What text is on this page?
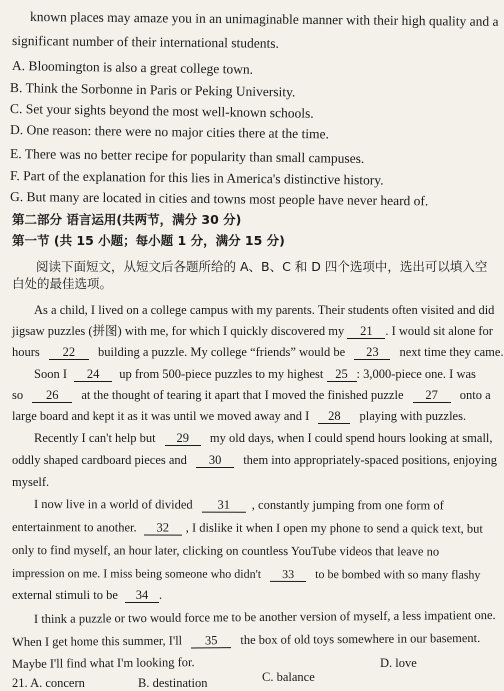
known places may amaze you in an unimaginable manner with their high quality and a
significant number of their international students.
A. Bloomington is also a great college town.
B. Think the Sorbonne in Paris or Peking University.
C. Set your sights beyond the most well-known schools.
D. One reason: there were no major cities there at the time.
E. There was no better recipe for popularity than small campuses.
F. Part of the explanation for this lies in America's distinctive history.
G. But many are located in cities and towns most people have never heard of.
第二部分 语言运用(共两节，满分 30 分)
第一节 (共 15 小题；每小题 1 分，满分 15 分)
阅读下面短文，从短文后各题所给的 A、B、C 和 D 四个选项中，选出可以填入空
白处的最佳选项。
As a child, I lived on a college campus with my parents. Their students often visited and did
jigsaw puzzles (拼图) with me, for which I quickly discovered my 21 . I would sit alone for
hours 22 building a puzzle. My college “friends” would be 23 next time they came.
Soon I 24 up from 500-piece puzzles to my highest 25 : 3,000-piece one. I was
so 26 at the thought of tearing it apart that I moved the finished puzzle 27 onto a
large board and kept it as it was until we moved away and I 28 playing with puzzles.
Recently I can't help but 29 my old days, when I could spend hours looking at small,
oddly shaped cardboard pieces and 30 them into appropriately-spaced positions, enjoying
myself.
I now live in a world of divided 31 , constantly jumping from one form of
entertainment to another. 32 , I dislike it when I open my phone to send a quick text, but
only to find myself, an hour later, clicking on countless YouTube videos that leave no
impression on me. I miss being someone who didn't 33 to be bombed with so many flashy
external stimuli to be 34 .
I think a puzzle or two would force me to be another version of myself, a less impatient one.
When I get home this summer, I'll 35 the box of old toys somewhere in our basement.
Maybe I'll find what I'm looking for.
21. A. concern	B. destination	C. balance
D. love
